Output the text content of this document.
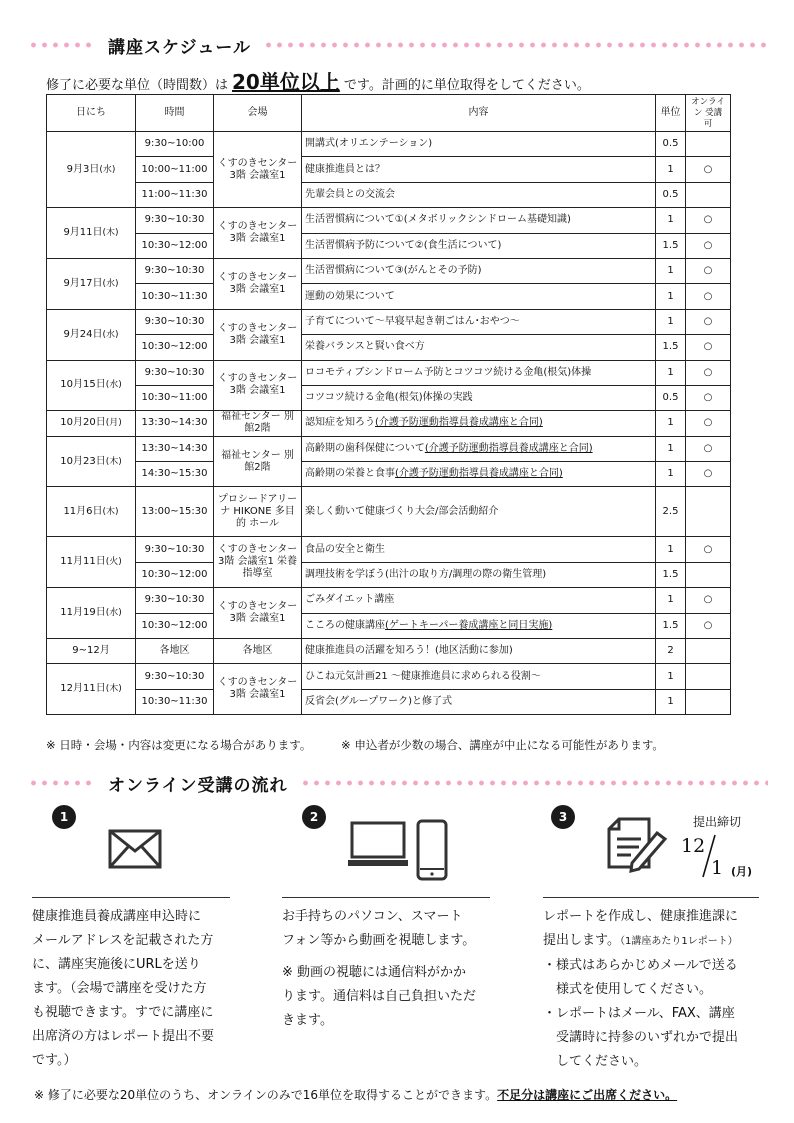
講座スケジュール
修了に必要な単位（時間数）は 20単位以上 です。計画的に単位取得をしてください。
日にち	時間	会場	内容	単位	オンライン 受講可
9月3日(水)	9:30~10:00	くすのきセンター 3階 会議室1	開講式(オリエンテーション)	0.5	
	10:00~11:00		健康推進員とは？	1	○
	11:00~11:30		先輩会員との交流会	0.5	
9月11日(木)	9:30~10:30	くすのきセンター 3階 会議室1	生活習慣病について①(メタボリックシンドローム基礎知識)	1	○
	10:30~12:00		生活習慣病予防について②(食生活について)	1.5	○
9月17日(水)	9:30~10:30	くすのきセンター 3階 会議室1	生活習慣病について③(がんとその予防)	1	○
	10:30~11:30		運動の効果について	1	○
9月24日(水)	9:30~10:30	くすのきセンター 3階 会議室1	子育てについて～早寝早起き朝ごはん･おやつ～	1	○
	10:30~12:00		栄養バランスと賢い食べ方	1.5	○
10月15日(水)	9:30~10:30	くすのきセンター 3階 会議室1	ロコモティブシンドローム予防とコツコツ続ける金亀(根気)体操	1	○
	10:30~11:00		コツコツ続ける金亀(根気)体操の実践	0.5	○
10月20日(月)	13:30~14:30	福祉センター 別館2階	認知症を知ろう(介護予防運動指導員養成講座と合同)	1	○
10月23日(木)	13:30~14:30	福祉センター 別館2階	高齢期の歯科保健について(介護予防運動指導員養成講座と合同)	1	○
	14:30~15:30		高齢期の栄養と食事(介護予防運動指導員養成講座と合同)	1	○
11月6日(木)	13:00~15:30	プロシードアリーナ HIKONE 多目的 ホール	楽しく動いて健康づくり大会/部会活動紹介	2.5	
11月11日(火)	9:30~10:30	くすのきセンター 3階 会議室1 栄養指導室	食品の安全と衛生	1	○
	10:30~12:00		調理技術を学ぼう(出汁の取り方/調理の際の衛生管理)	1.5	
11月19日(水)	9:30~10:30	くすのきセンター 3階 会議室1	ごみダイエット講座	1	○
	10:30~12:00		こころの健康講座(ゲートキーパー養成講座と同日実施)	1.5	○
9~12月	各地区	各地区	健康推進員の活躍を知ろう！(地区活動に参加)	2	
12月11日(木)	9:30~10:30	くすのきセンター 3階 会議室1	ひこね元気計画21 ～健康推進員に求められる役割～	1	
	10:30~11:30		反省会(グループワーク)と修了式	1	
※ 日時・会場・内容は変更になる場合があります。	※ 申込者が少数の場合、講座が中止になる可能性があります。
オンライン受講の流れ
1
健康推進員養成講座申込時に
メールアドレスを記載された方
に、講座実施後にURLを送り
ます。（会場で講座を受けた方
も視聴できます。すでに講座に
出席済の方はレポート提出不要
です。）
2
お手持ちのパソコン、スマート
フォン等から動画を視聴します。
※ 動画の視聴には通信料がかか
ります。通信料は自己負担いただ
きます。
3	提出締切
12
1 (月)
レポートを作成し、健康推進課に
提出します。（1講座あたり1レポート）
・様式はあらかじめメールで送る
　様式を使用してください。
・レポートはメール、FAX、講座
　受講時に持参のいずれかで提出
　してください。
※ 修了に必要な20単位のうち、オンラインのみで16単位を取得することができます。不足分は講座にご出席ください。
